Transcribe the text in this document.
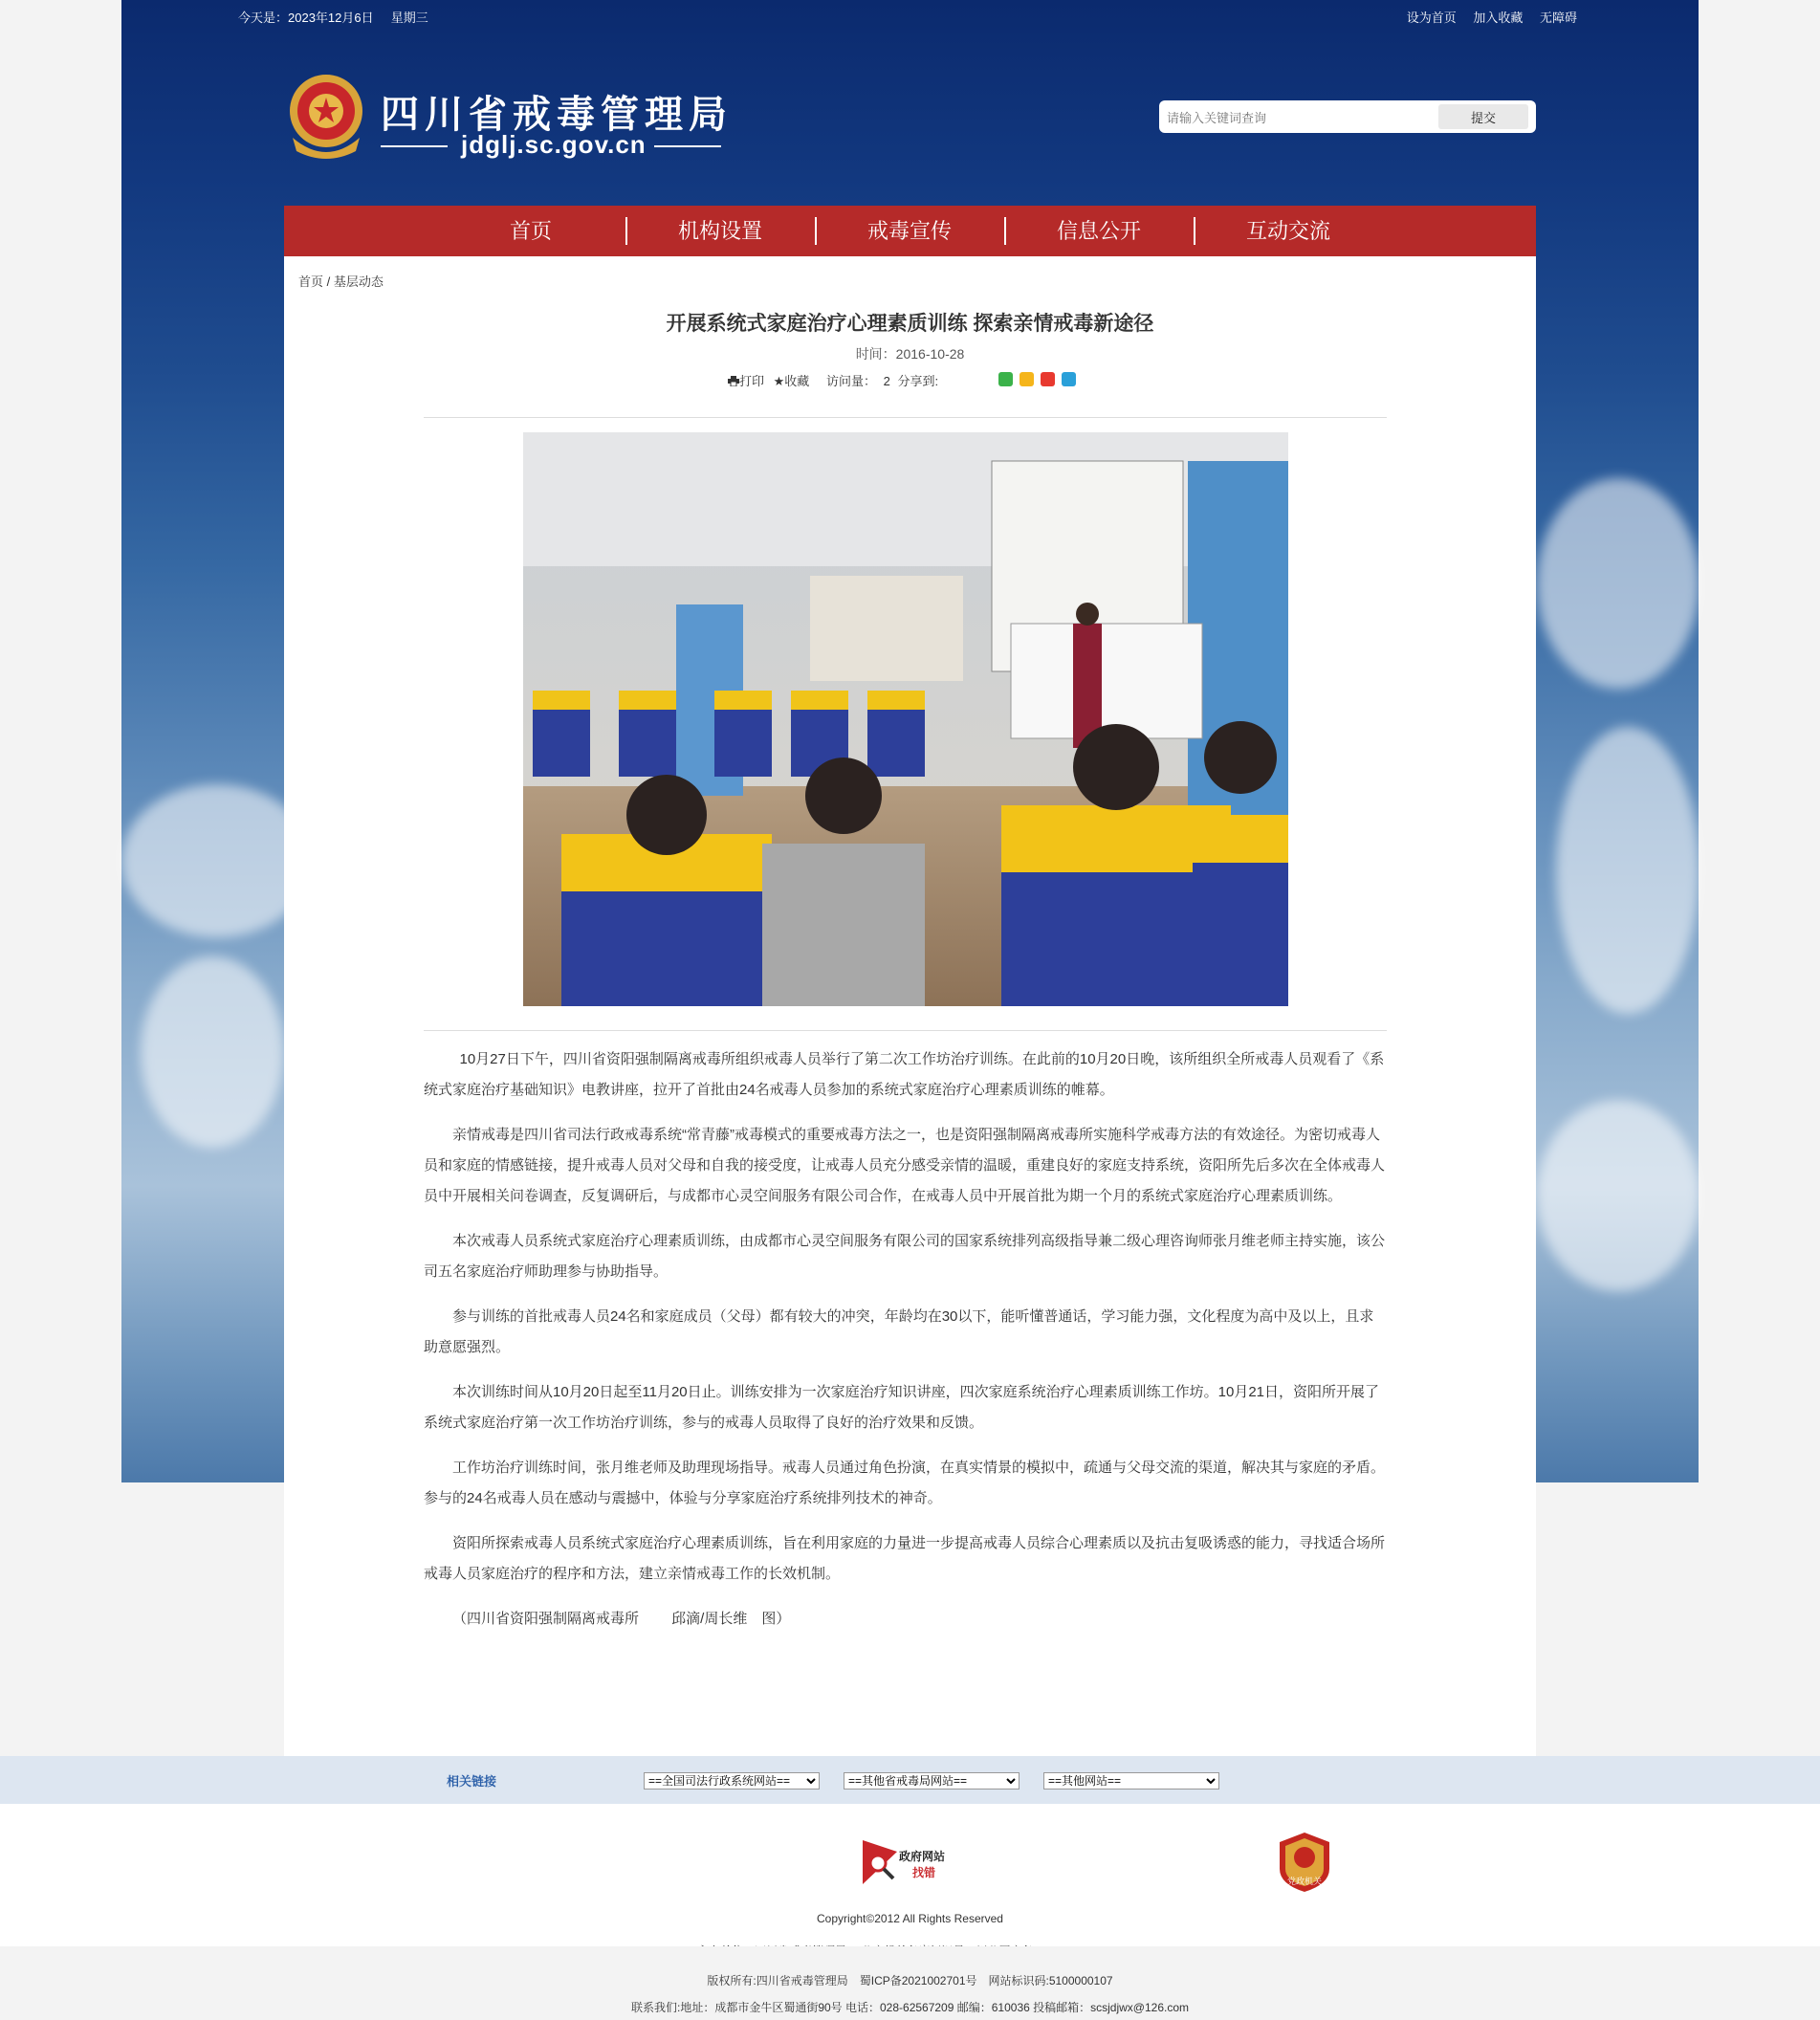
今天是：2023年12月6日 星期三	设为首页 加入收藏 无障碍
四川省戒毒管理局
jdglj.sc.gov.cn
请输入关键词查询
提交
首页	机构设置	戒毒宣传	信息公开	互动交流
首页 / 基层动态
开展系统式家庭治疗心理素质训练 探索亲情戒毒新途径
时间：2016-10-28
打印 ★收藏 访问量： 2 分享到:

10月27日下午，四川省资阳强制隔离戒毒所组织戒毒人员举行了第二次工作坊治疗训练。在此前的10月20日晚，该所组织全所戒毒人员观看了《系统式家庭治疗基础知识》电教讲座，拉开了首批由24名戒毒人员参加的系统式家庭治疗心理素质训练的帷幕。

亲情戒毒是四川省司法行政戒毒系统“常青藤”戒毒模式的重要戒毒方法之一，也是资阳强制隔离戒毒所实施科学戒毒方法的有效途径。为密切戒毒人员和家庭的情感链接，提升戒毒人员对父母和自我的接受度，让戒毒人员充分感受亲情的温暖，重建良好的家庭支持系统，资阳所先后多次在全体戒毒人员中开展相关问卷调查，反复调研后，与成都市心灵空间服务有限公司合作，在戒毒人员中开展首批为期一个月的系统式家庭治疗心理素质训练。

本次戒毒人员系统式家庭治疗心理素质训练，由成都市心灵空间服务有限公司的国家系统排列高级指导兼二级心理咨询师张月维老师主持实施，该公司五名家庭治疗师助理参与协助指导。

参与训练的首批戒毒人员24名和家庭成员（父母）都有较大的冲突，年龄均在30以下，能听懂普通话，学习能力强，文化程度为高中及以上，且求助意愿强烈。

本次训练时间从10月20日起至11月20日止。训练安排为一次家庭治疗知识讲座，四次家庭系统治疗心理素质训练工作坊。10月21日，资阳所开展了系统式家庭治疗第一次工作坊治疗训练，参与的戒毒人员取得了良好的治疗效果和反馈。

工作坊治疗训练时间，张月维老师及助理现场指导。戒毒人员通过角色扮演，在真实情景的模拟中，疏通与父母交流的渠道，解决其与家庭的矛盾。参与的24名戒毒人员在感动与震撼中，体验与分享家庭治疗系统排列技术的神奇。

资阳所探索戒毒人员系统式家庭治疗心理素质训练，旨在利用家庭的力量进一步提高戒毒人员综合心理素质以及抗击复吸诱惑的能力，寻找适合场所戒毒人员家庭治疗的程序和方法，建立亲情戒毒工作的长效机制。

（四川省资阳强制隔离戒毒所　　 邱滴/周长维　图）

相关链接
==全国司法行政系统网站==
==其他省戒毒局网站==
==其他网站==
政府网站
找错
党政机关
Copyright©2012 All Rights Reserved
版权所有:四川省戒毒管理局　蜀ICP备2021002701号　网站标识码:5100000107
联系我们:地址：成都市金牛区蜀通街90号 电话：028-62567209 邮编：610036 投稿邮箱：scsjdjwx@126.com
